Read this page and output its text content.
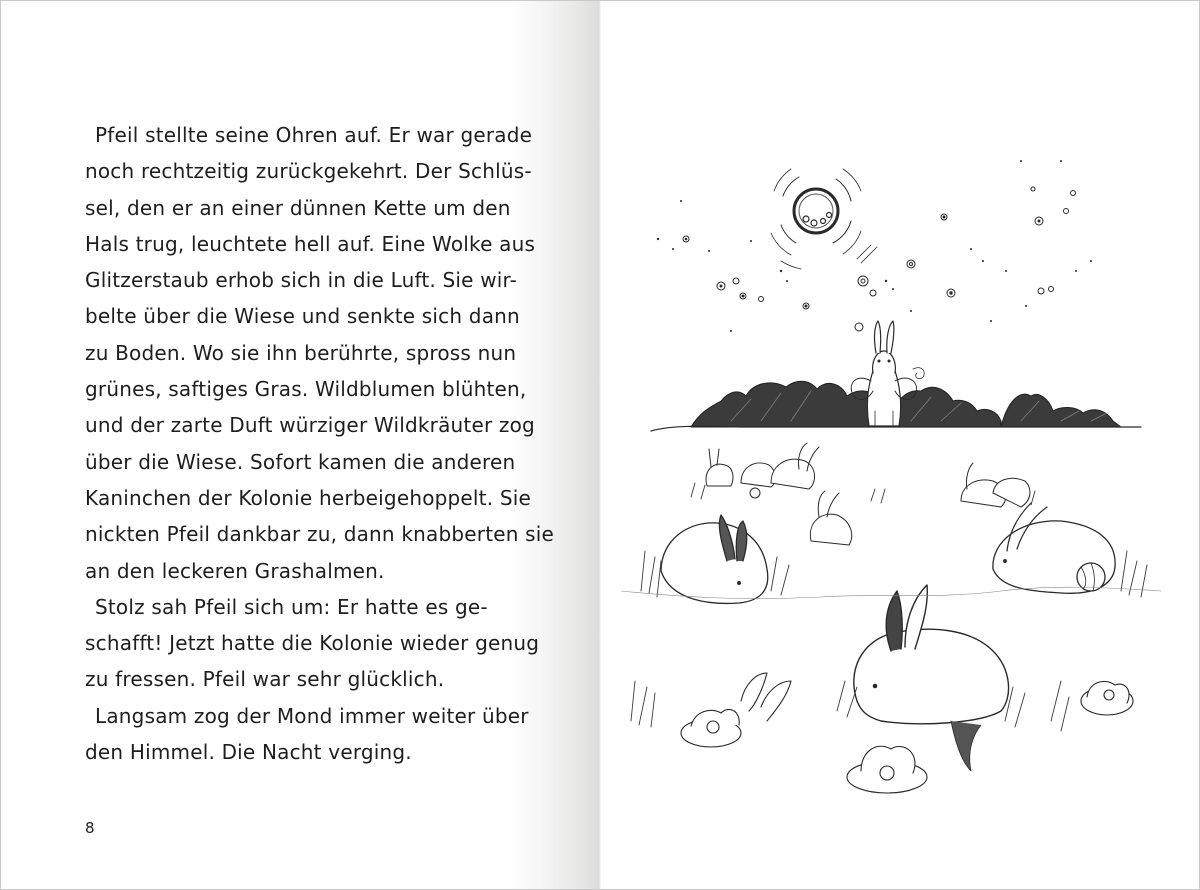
Pfeil stellte seine Ohren auf. Er war gerade
noch rechtzeitig zurückgekehrt. Der Schlüs-
sel, den er an einer dünnen Kette um den
Hals trug, leuchtete hell auf. Eine Wolke aus
Glitzerstaub erhob sich in die Luft. Sie wir-
belte über die Wiese und senkte sich dann
zu Boden. Wo sie ihn berührte, spross nun
grünes, saftiges Gras. Wildblumen blühten,
und der zarte Duft würziger Wildkräuter zog
über die Wiese. Sofort kamen die anderen
Kaninchen der Kolonie herbeigehoppelt. Sie
nickten Pfeil dankbar zu, dann knabberten sie
an den leckeren Grashalmen.
Stolz sah Pfeil sich um: Er hatte es ge-
schafft! Jetzt hatte die Kolonie wieder genug
zu fressen. Pfeil war sehr glücklich.
Langsam zog der Mond immer weiter über
den Himmel. Die Nacht verging.
8
